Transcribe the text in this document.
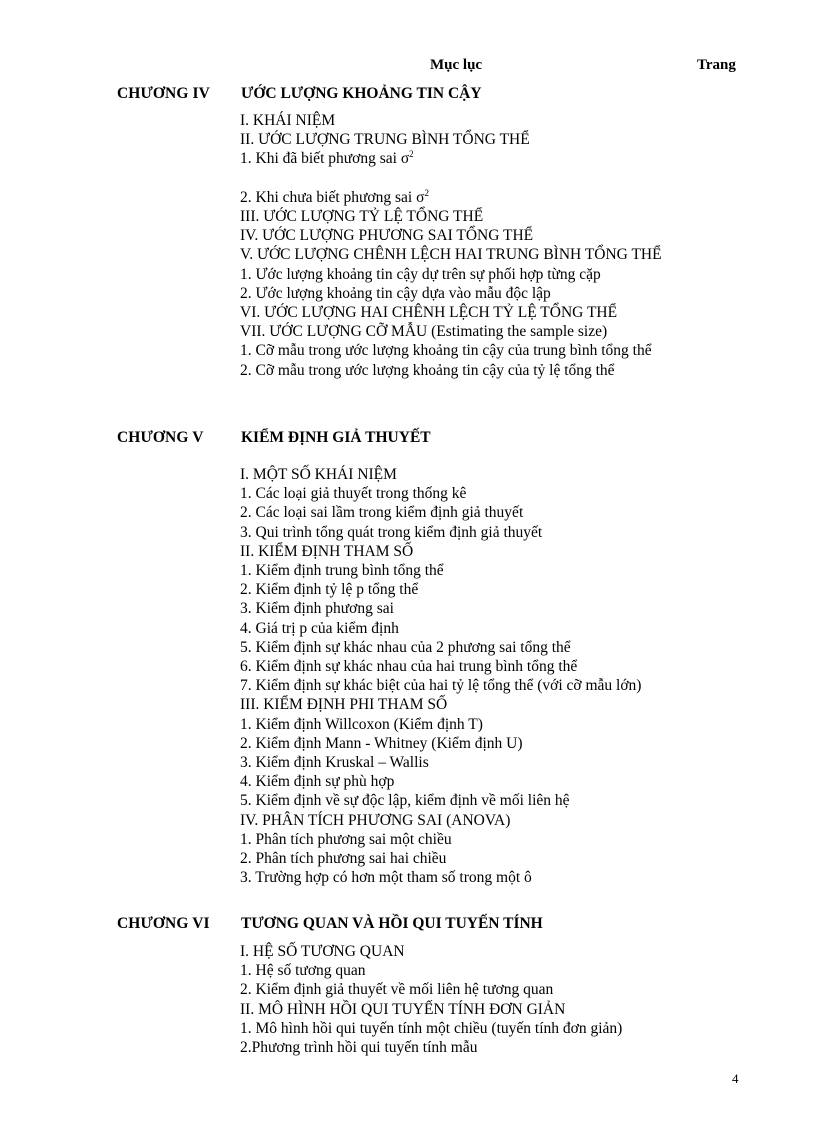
Mục lục	Trang
CHƯƠNG IV ƯỚC LƯỢNG KHOẢNG TIN CẬY
I. KHÁI NIỆM
II. ƯỚC LƯỢNG TRUNG BÌNH TỔNG THỂ
1. Khi đã biết phương sai $\sigma^2$
2. Khi chưa biết phương sai $\sigma^2$
III. ƯỚC LƯỢNG TỶ LỆ TỔNG THỂ
IV. ƯỚC LƯỢNG PHƯƠNG SAI TỔNG THỂ
V. ƯỚC LƯỢNG CHÊNH LỆCH HAI TRUNG BÌNH TỔNG THỂ
1. Ước lượng khoảng tin cậy dự trên sự phối hợp từng cặp
2. Ước lượng khoảng tin cậy dựa vào mẫu độc lập
VI. ƯỚC LƯỢNG HAI CHÊNH LỆCH TỶ LỆ TỔNG THỂ
VII. ƯỚC LƯỢNG CỠ MẪU (Estimating the sample size)
1. Cỡ mẫu trong ước lượng khoảng tin cậy của trung bình tổng thể
2. Cỡ mẫu trong ước lượng khoảng tin cậy của tỷ lệ tổng thể
CHƯƠNG V KIỂM ĐỊNH GIẢ THUYẾT
I. MỘT SỐ KHÁI NIỆM
1. Các loại giả thuyết trong thống kê
2. Các loại sai lầm trong kiểm định giả thuyết
3. Qui trình tổng quát trong kiểm định giả thuyết
II. KIỂM ĐỊNH THAM SỐ
1. Kiểm định trung bình tổng thể
2. Kiểm định tỷ lệ p tổng thể
3. Kiểm định phương sai
4. Giá trị p của kiểm định
5. Kiểm định sự khác nhau của 2 phương sai tổng thể
6. Kiểm định sự khác nhau của hai trung bình tổng thể
7. Kiểm định sự khác biệt của hai tỷ lệ tổng thể (với cỡ mẫu lớn)
III. KIỂM ĐỊNH PHI THAM SỐ
1. Kiểm định Willcoxon (Kiểm định T)
2. Kiểm định Mann - Whitney (Kiểm định U)
3. Kiểm định Kruskal – Wallis
4. Kiểm định sự phù hợp
5. Kiểm định về sự độc lập, kiểm định về mối liên hệ
IV. PHÂN TÍCH PHƯƠNG SAI (ANOVA)
1. Phân tích phương sai một chiều
2. Phân tích phương sai hai chiều
3. Trường hợp có hơn một tham số trong một ô
CHƯƠNG VI TƯƠNG QUAN VÀ HỒI QUI TUYẾN TÍNH
I. HỆ SỐ TƯƠNG QUAN
1. Hệ số tương quan
2. Kiểm định giả thuyết về mối liên hệ tương quan
II. MÔ HÌNH HỒI QUI TUYẾN TÍNH ĐƠN GIẢN
1. Mô hình hồi qui tuyến tính một chiều (tuyến tính đơn giản)
2.Phương trình hồi qui tuyến tính mẫu
4
